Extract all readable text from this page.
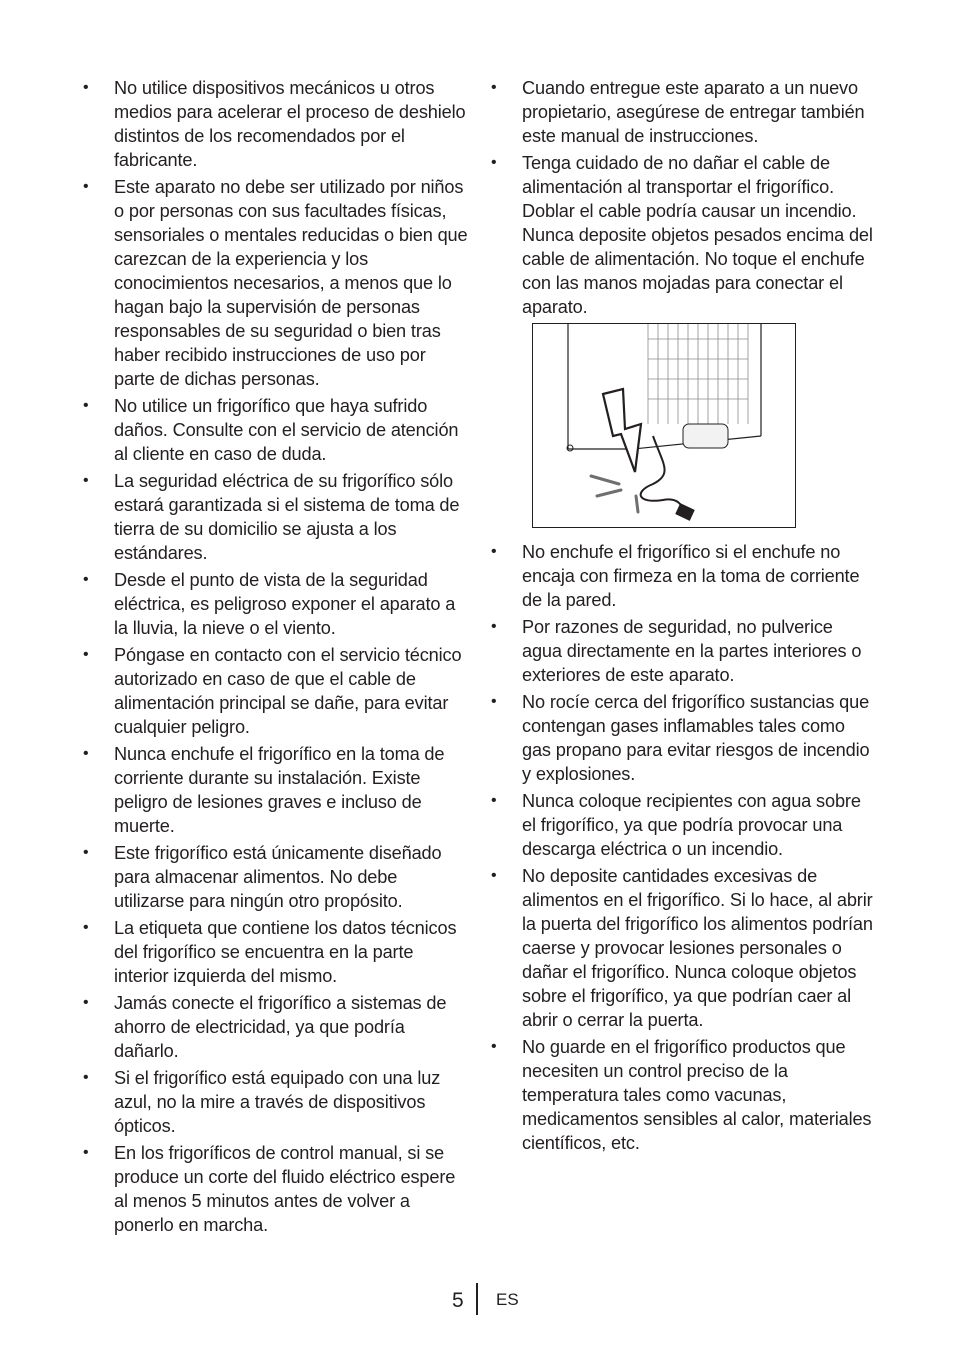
• No utilice dispositivos mecánicos u otros medios para acelerar el proceso de deshielo distintos de los recomendados por el fabricante.
• Este aparato no debe ser utilizado por niños o por personas con sus facultades físicas, sensoriales o mentales reducidas o bien que carezcan de la experiencia y los conocimientos necesarios, a menos que lo hagan bajo la supervisión de personas responsables de su seguridad o bien tras haber recibido instrucciones de uso por parte de dichas personas.
• No utilice un frigorífico que haya sufrido daños. Consulte con el servicio de atención al cliente en caso de duda.
• La seguridad eléctrica de su frigorífico sólo estará garantizada si el sistema de toma de tierra de su domicilio se ajusta a los estándares.
• Desde el punto de vista de la seguridad eléctrica, es peligroso exponer el aparato a la lluvia, la nieve o el viento.
• Póngase en contacto con el servicio técnico autorizado en caso de que el cable de alimentación principal se dañe, para evitar cualquier peligro.
• Nunca enchufe el frigorífico en la toma de corriente durante su instalación. Existe peligro de lesiones graves e incluso de muerte.
• Este frigorífico está únicamente diseñado para almacenar alimentos. No debe utilizarse para ningún otro propósito.
• La etiqueta que contiene los datos técnicos del frigorífico se encuentra en la parte interior izquierda del mismo.
• Jamás conecte el frigorífico a sistemas de ahorro de electricidad, ya que podría dañarlo.
• Si el frigorífico está equipado con una luz azul, no la mire a través de dispositivos ópticos.
• En los frigoríficos de control manual, si se produce un corte del fluido eléctrico espere al menos 5 minutos antes de volver a ponerlo en marcha.
• Cuando entregue este aparato a un nuevo propietario, asegúrese de entregar también este manual de instrucciones.
• Tenga cuidado de no dañar el cable de alimentación al transportar el frigorífico. Doblar el cable podría causar un incendio. Nunca deposite objetos pesados encima del cable de alimentación. No toque el enchufe con las manos mojadas para conectar el aparato.
• No enchufe el frigorífico si el enchufe no encaja con firmeza en la toma de corriente de la pared.
• Por razones de seguridad, no pulverice agua directamente en la partes interiores o exteriores de este aparato.
• No rocíe cerca del frigorífico sustancias que contengan gases inflamables tales como gas propano para evitar riesgos de incendio y explosiones.
• Nunca coloque recipientes con agua sobre el frigorífico, ya que podría provocar una descarga eléctrica o un incendio.
• No deposite cantidades excesivas de alimentos en el frigorífico. Si lo hace, al abrir la puerta del frigorífico los alimentos podrían caerse y provocar lesiones personales o dañar el frigorífico. Nunca coloque objetos sobre el frigorífico, ya que podrían caer al abrir o cerrar la puerta.
• No guarde en el frigorífico productos que necesiten un control preciso de la temperatura tales como vacunas, medicamentos sensibles al calor, materiales científicos, etc.
5 ES
